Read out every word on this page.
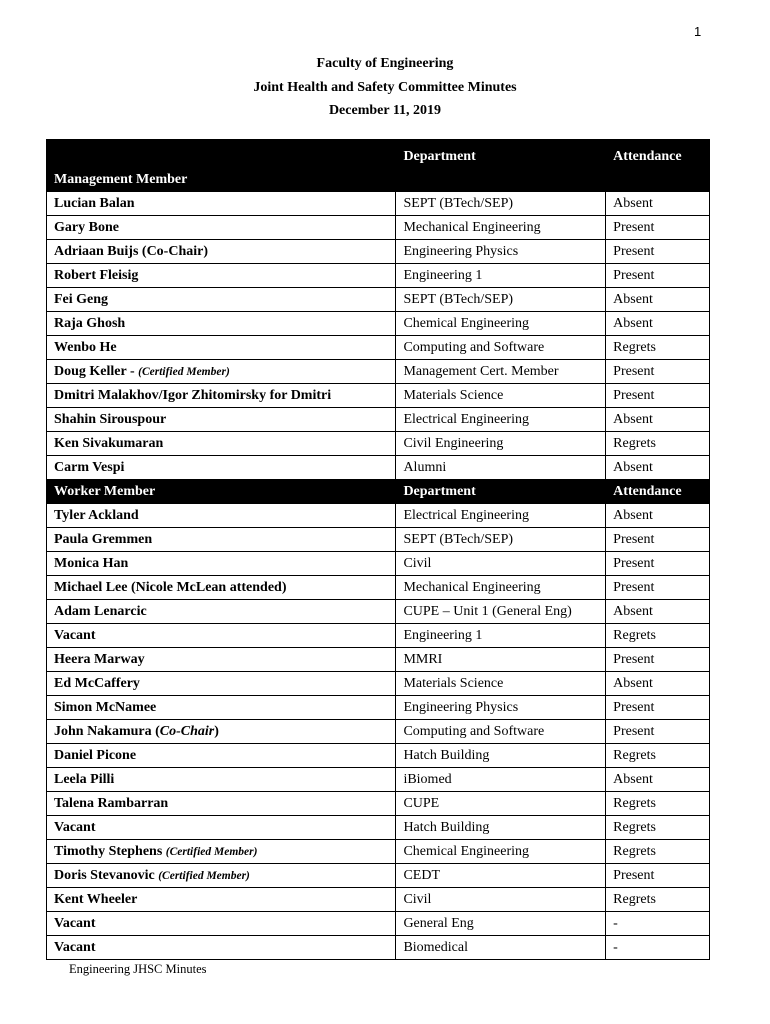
1
Faculty of Engineering
Joint Health and Safety Committee Minutes
December 11, 2019
Management Member	Department	Attendance
Lucian Balan	SEPT (BTech/SEP)	Absent
Gary Bone	Mechanical Engineering	Present
Adriaan Buijs (Co-Chair)	Engineering Physics	Present
Robert Fleisig	Engineering 1	Present
Fei Geng	SEPT (BTech/SEP)	Absent
Raja Ghosh	Chemical Engineering	Absent
Wenbo He	Computing and Software	Regrets
Doug Keller - (Certified Member)	Management Cert. Member	Present
Dmitri Malakhov/Igor Zhitomirsky for Dmitri	Materials Science	Present
Shahin Sirouspour	Electrical Engineering	Absent
Ken Sivakumaran	Civil Engineering	Regrets
Carm Vespi	Alumni	Absent
Worker Member	Department	Attendance
Tyler Ackland	Electrical Engineering	Absent
Paula Gremmen	SEPT (BTech/SEP)	Present
Monica Han	Civil	Present
Michael Lee (Nicole McLean attended)	Mechanical Engineering	Present
Adam Lenarcic	CUPE – Unit 1 (General Eng)	Absent
Vacant	Engineering 1	Regrets
Heera Marway	MMRI	Present
Ed McCaffery	Materials Science	Absent
Simon McNamee	Engineering Physics	Present
John Nakamura (Co-Chair)	Computing and Software	Present
Daniel Picone	Hatch Building	Regrets
Leela Pilli	iBiomed	Absent
Talena Rambarran	CUPE	Regrets
Vacant	Hatch Building	Regrets
Timothy Stephens (Certified Member)	Chemical Engineering	Regrets
Doris Stevanovic (Certified Member)	CEDT	Present
Kent Wheeler	Civil	Regrets
Vacant	General Eng	-
Vacant	Biomedical	-
Engineering JHSC Minutes
